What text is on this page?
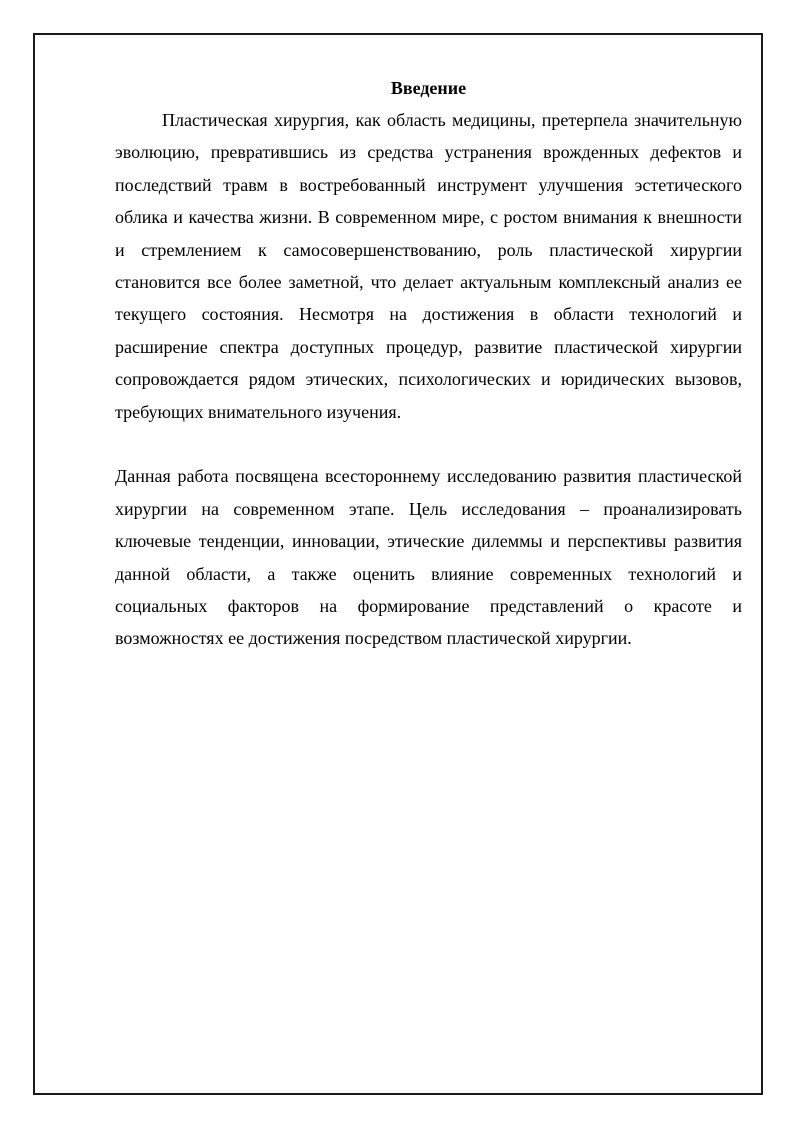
Введение

Пластическая хирургия, как область медицины, претерпела значительную эволюцию, превратившись из средства устранения врожденных дефектов и последствий травм в востребованный инструмент улучшения эстетического облика и качества жизни. В современном мире, с ростом внимания к внешности и стремлением к самосовершенствованию, роль пластической хирургии становится все более заметной, что делает актуальным комплексный анализ ее текущего состояния. Несмотря на достижения в области технологий и расширение спектра доступных процедур, развитие пластической хирургии сопровождается рядом этических, психологических и юридических вызовов, требующих внимательного изучения.

Данная работа посвящена всестороннему исследованию развития пластической хирургии на современном этапе. Цель исследования – проанализировать ключевые тенденции, инновации, этические дилеммы и перспективы развития данной области, а также оценить влияние современных технологий и социальных факторов на формирование представлений о красоте и возможностях ее достижения посредством пластической хирургии.
